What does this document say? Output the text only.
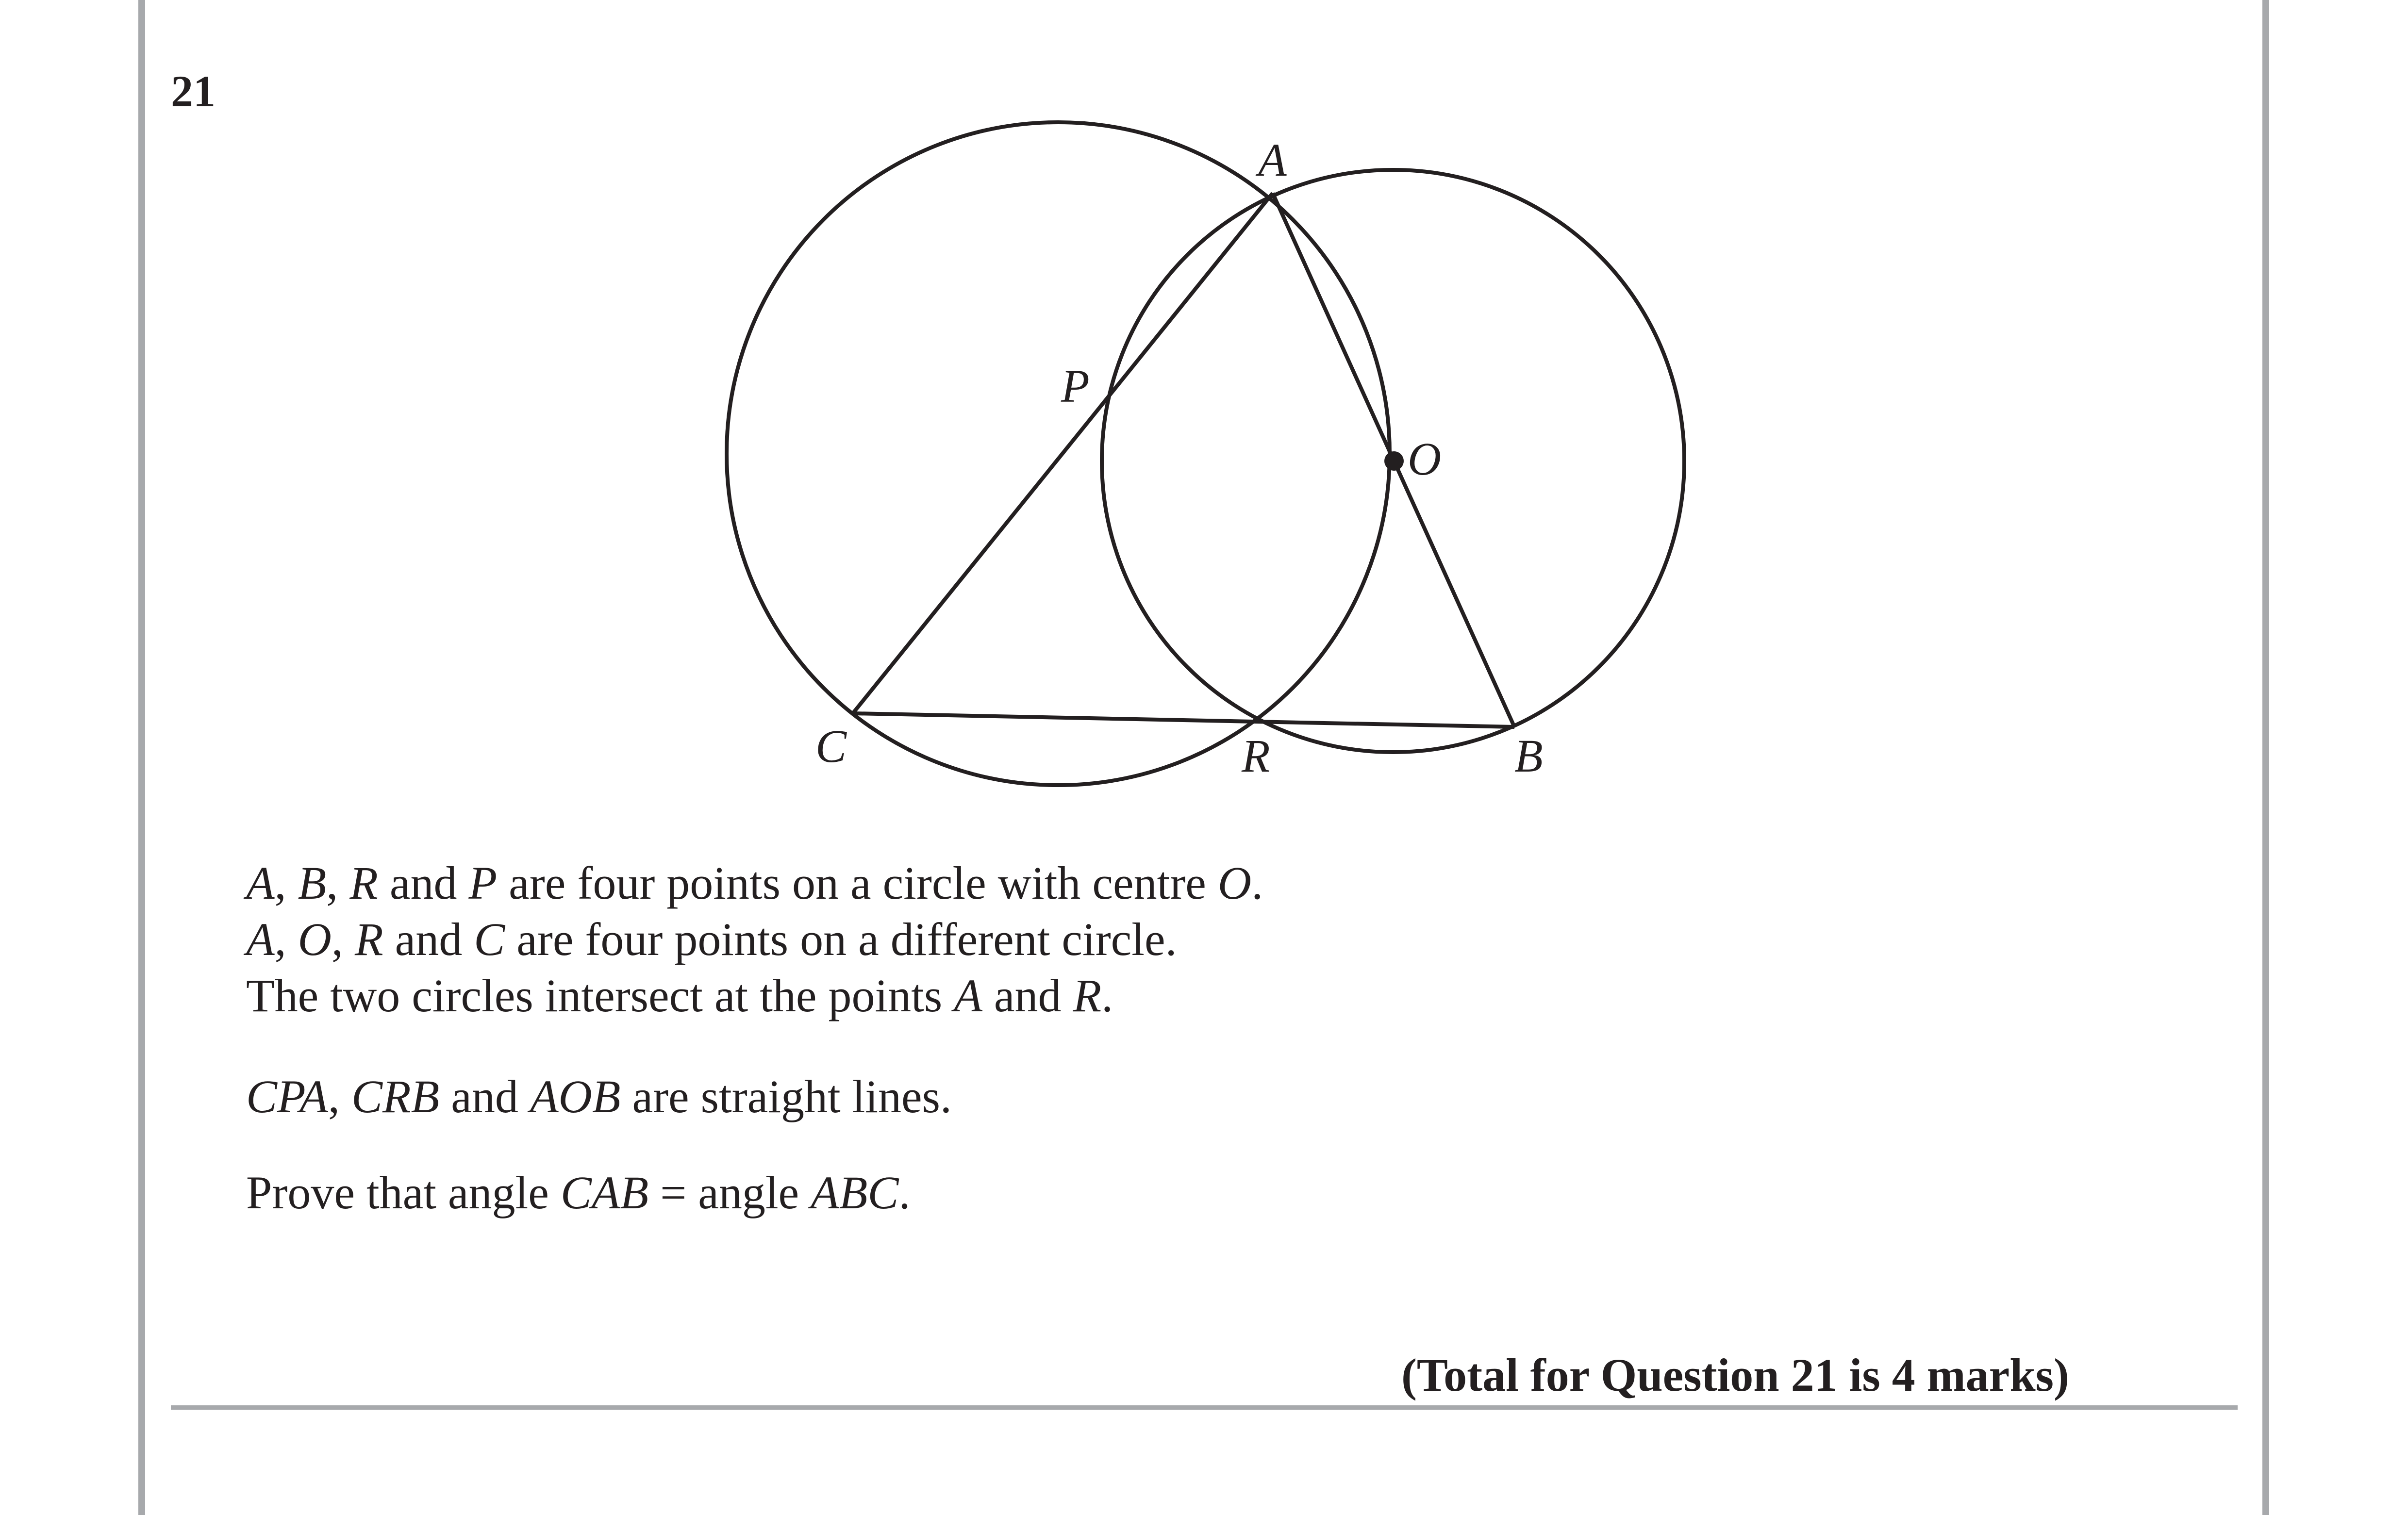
21
A
P
O
C	R	B
A, B, R and P are four points on a circle with centre O.
A, O, R and C are four points on a different circle.
The two circles intersect at the points A and R.
CPA, CRB and AOB are straight lines.
Prove that angle CAB = angle ABC.
(Total for Question 21 is 4 marks)
